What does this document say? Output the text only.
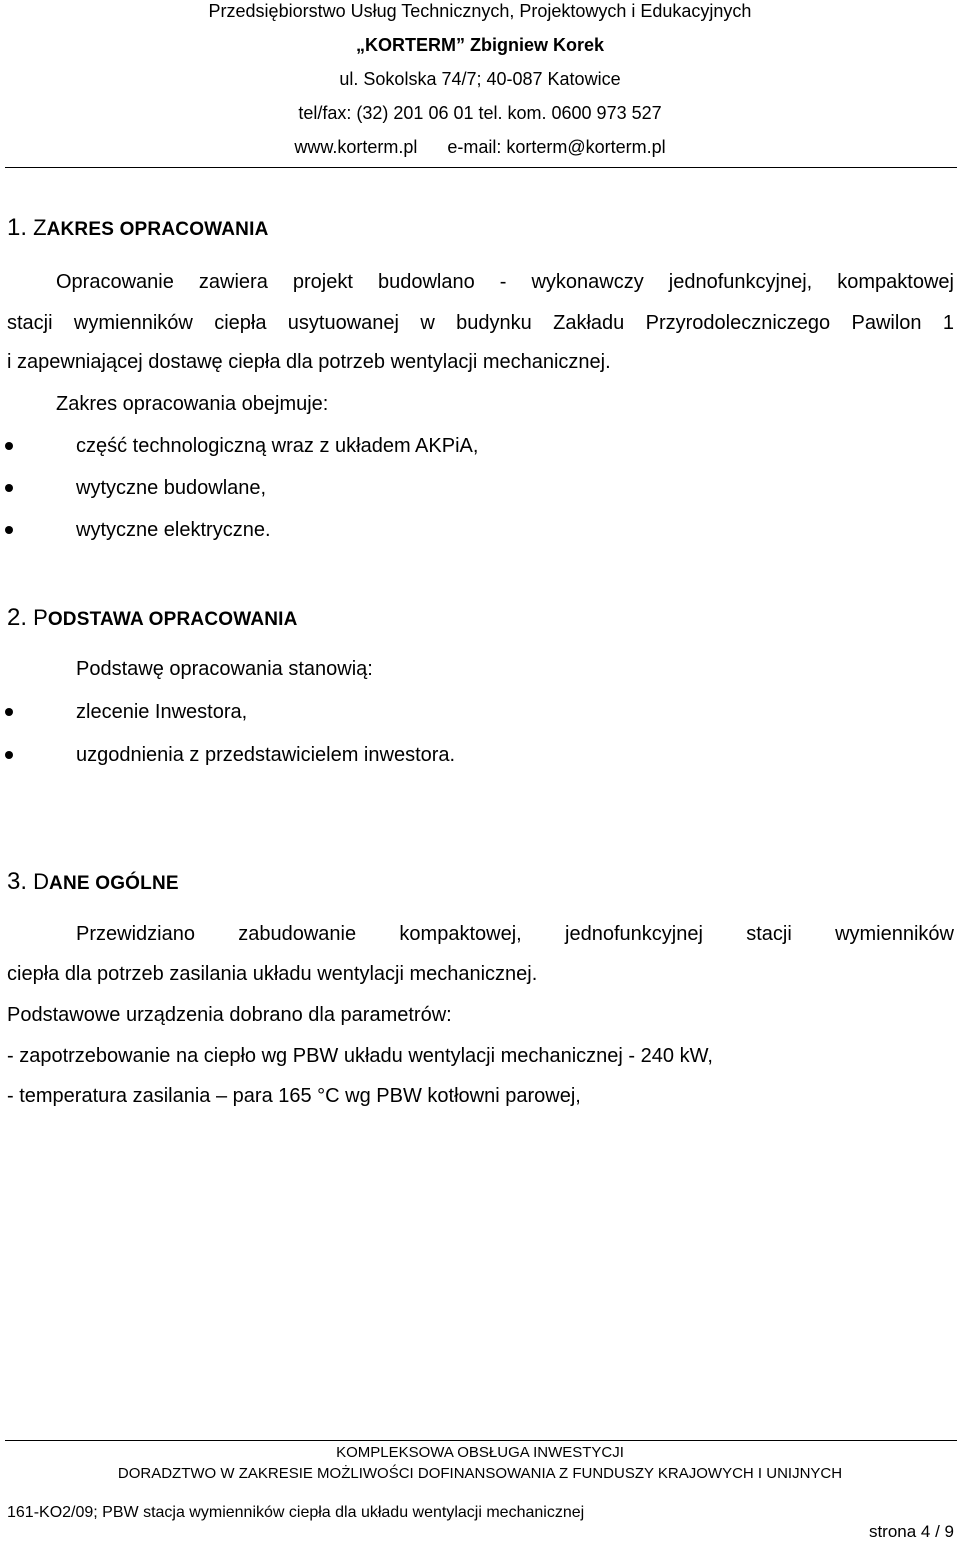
Przedsiębiorstwo Usług Technicznych, Projektowych i Edukacyjnych
„KORTERM” Zbigniew Korek
ul. Sokolska 74/7; 40-087 Katowice
tel/fax: (32) 201 06 01 tel. kom. 0600 973 527
www.korterm.pl e-mail: korterm@korterm.pl
1. ZAKRES OPRACOWANIA
Opracowanie zawiera projekt budowlano - wykonawczy jednofunkcyjnej, kompaktowej
stacji wymienników ciepła usytuowanej w budynku Zakładu Przyrodoleczniczego Pawilon 1
i zapewniającej dostawę ciepła dla potrzeb wentylacji mechanicznej.
Zakres opracowania obejmuje:
część technologiczną wraz z układem AKPiA,
wytyczne budowlane,
wytyczne elektryczne.
2. PODSTAWA OPRACOWANIA
Podstawę opracowania stanowią:
zlecenie Inwestora,
uzgodnienia z przedstawicielem inwestora.
3. DANE OGÓLNE
Przewidziano zabudowanie kompaktowej, jednofunkcyjnej stacji wymienników
ciepła dla potrzeb zasilania układu wentylacji mechanicznej.
Podstawowe urządzenia dobrano dla parametrów:
- zapotrzebowanie na ciepło wg PBW układu wentylacji mechanicznej - 240 kW,
- temperatura zasilania – para 165 °C wg PBW kotłowni parowej,
KOMPLEKSOWA OBSŁUGA INWESTYCJI
DORADZTWO W ZAKRESIE MOŻLIWOŚCI DOFINANSOWANIA Z FUNDUSZY KRAJOWYCH I UNIJNYCH
161-KO2/09; PBW stacja wymienników ciepła dla układu wentylacji mechanicznej
strona 4 / 9
